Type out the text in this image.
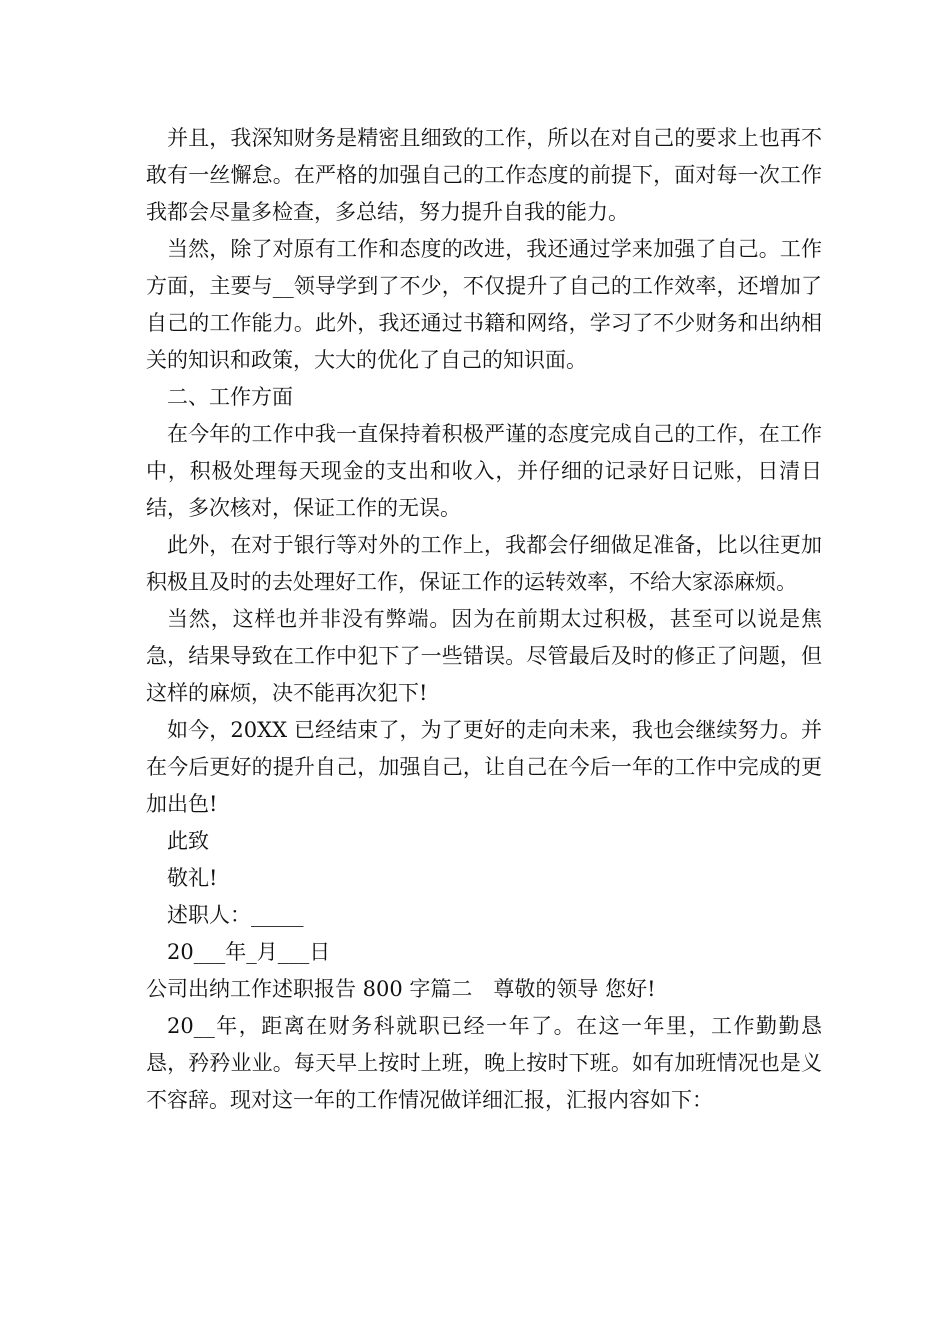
并且，我深知财务是精密且细致的工作，所以在对自己的要求上也再不敢有一丝懈怠。在严格的加强自己的工作态度的前提下，面对每一次工作我都会尽量多检查，多总结，努力提升自我的能力。

当然，除了对原有工作和态度的改进，我还通过学来加强了自己。工作方面，主要与__领导学到了不少，不仅提升了自己的工作效率，还增加了自己的工作能力。此外，我还通过书籍和网络，学习了不少财务和出纳相关的知识和政策，大大的优化了自己的知识面。

二、工作方面

在今年的工作中我一直保持着积极严谨的态度完成自己的工作，在工作中，积极处理每天现金的支出和收入，并仔细的记录好日记账，日清日结，多次核对，保证工作的无误。

此外，在对于银行等对外的工作上，我都会仔细做足准备，比以往更加积极且及时的去处理好工作，保证工作的运转效率，不给大家添麻烦。

当然，这样也并非没有弊端。因为在前期太过积极，甚至可以说是焦急，结果导致在工作中犯下了一些错误。尽管最后及时的修正了问题，但这样的麻烦，决不能再次犯下!

如今，20XX 已经结束了，为了更好的走向未来，我也会继续努力。并在今后更好的提升自己，加强自己，让自己在今后一年的工作中完成的更加出色!

此致

敬礼!

述职人：_____

20___年_月___日

公司出纳工作述职报告 800 字篇二　尊敬的领导 您好!

20__年，距离在财务科就职已经一年了。在这一年里，工作勤勤恳恳，矜矜业业。每天早上按时上班，晚上按时下班。如有加班情况也是义不容辞。现对这一年的工作情况做详细汇报，汇报内容如下：
